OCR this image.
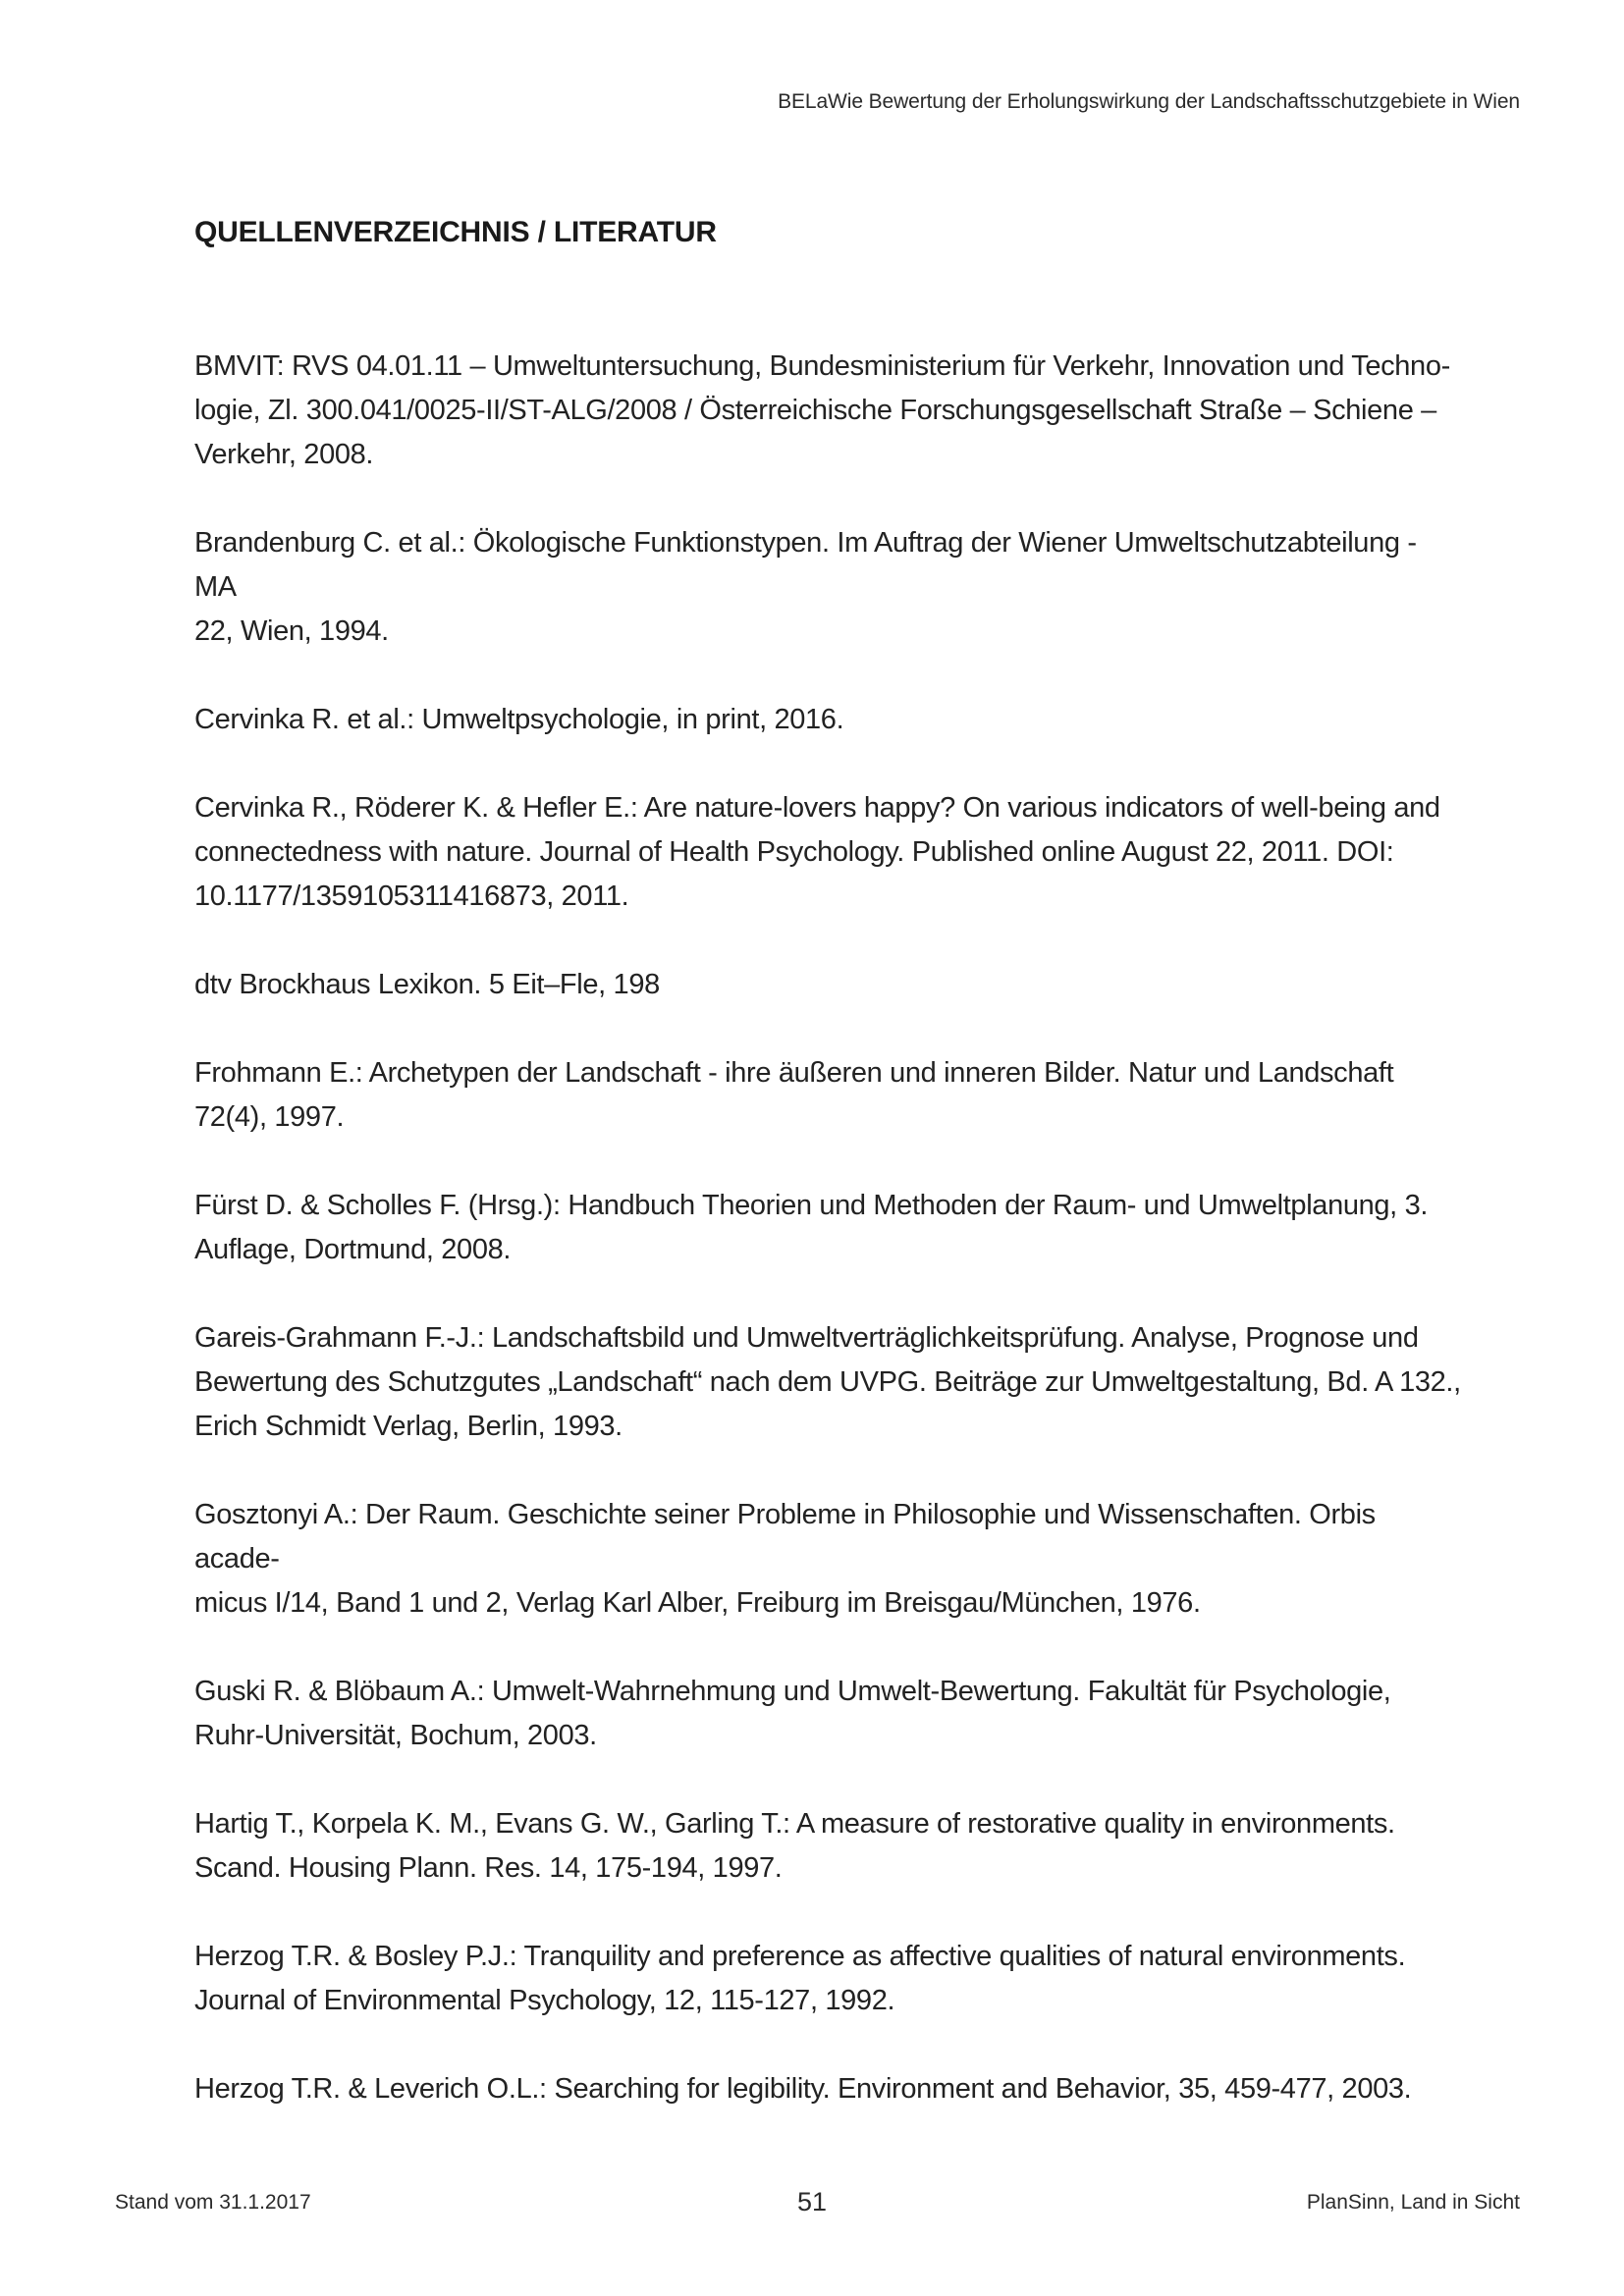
BELaWie Bewertung der Erholungswirkung der Landschaftsschutzgebiete in Wien
QUELLENVERZEICHNIS / LITERATUR
BMVIT: RVS 04.01.11 – Umweltuntersuchung, Bundesministerium für Verkehr, Innovation und Techno-
logie, Zl. 300.041/0025-II/ST-ALG/2008 / Österreichische Forschungsgesellschaft Straße – Schiene –
Verkehr, 2008.
Brandenburg C. et al.: Ökologische Funktionstypen. Im Auftrag der Wiener Umweltschutzabteilung - MA
22, Wien, 1994.
Cervinka R. et al.: Umweltpsychologie, in print, 2016.
Cervinka R., Röderer K. & Hefler E.: Are nature-lovers happy? On various indicators of well-being and
connectedness with nature. Journal of Health Psychology. Published online August 22, 2011. DOI:
10.1177/1359105311416873, 2011.
dtv Brockhaus Lexikon. 5 Eit–Fle, 198
Frohmann E.: Archetypen der Landschaft - ihre äußeren und inneren Bilder. Natur und Landschaft
72(4), 1997.
Fürst D. & Scholles F. (Hrsg.): Handbuch Theorien und Methoden der Raum- und Umweltplanung, 3.
Auflage, Dortmund, 2008.
Gareis-Grahmann F.-J.: Landschaftsbild und Umweltverträglichkeitsprüfung. Analyse, Prognose und
Bewertung des Schutzgutes „Landschaft“ nach dem UVPG. Beiträge zur Umweltgestaltung, Bd. A 132.,
Erich Schmidt Verlag, Berlin, 1993.
Gosztonyi A.: Der Raum. Geschichte seiner Probleme in Philosophie und Wissenschaften. Orbis acade-
micus I/14, Band 1 und 2, Verlag Karl Alber, Freiburg im Breisgau/München, 1976.
Guski R. & Blöbaum A.: Umwelt-Wahrnehmung und Umwelt-Bewertung. Fakultät für Psychologie,
Ruhr-Universität, Bochum, 2003.
Hartig T., Korpela K. M., Evans G. W., Garling T.: A measure of restorative quality in environments.
Scand. Housing Plann. Res. 14, 175-194, 1997.
Herzog T.R. & Bosley P.J.: Tranquility and preference as affective qualities of natural environments.
Journal of Environmental Psychology, 12, 115-127, 1992.
Herzog T.R. & Leverich O.L.: Searching for legibility. Environment and Behavior, 35, 459-477, 2003.
Stand vom 31.1.2017	51	PlanSinn, Land in Sicht
